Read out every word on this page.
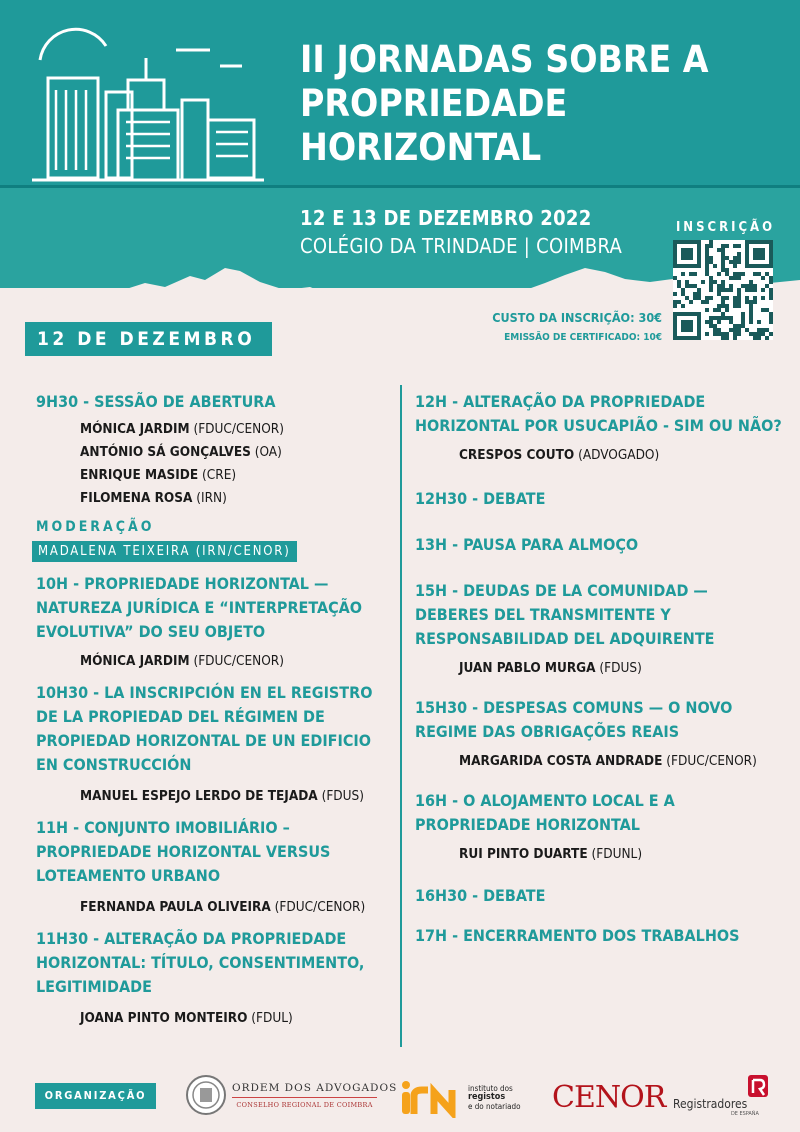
II JORNADAS SOBRE A
PROPRIEDADE
HORIZONTAL
12 E 13 DE DEZEMBRO 2022
COLÉGIO DA TRINDADE | COIMBRA
INSCRIÇÃO
CUSTO DA INSCRIÇÃO: 30€
EMISSÃO DE CERTIFICADO: 10€
12 DE DEZEMBRO
9H30 - SESSÃO DE ABERTURA
MÓNICA JARDIM (FDUC/CENOR)
ANTÓNIO SÁ GONÇALVES (OA)
ENRIQUE MASIDE (CRE)
FILOMENA ROSA (IRN)
MODERAÇÃO
MADALENA TEIXEIRA (IRN/CENOR)
10H - PROPRIEDADE HORIZONTAL —
NATUREZA JURÍDICA E “INTERPRETAÇÃO
EVOLUTIVA” DO SEU OBJETO
MÓNICA JARDIM (FDUC/CENOR)
10H30 - LA INSCRIPCIÓN EN EL REGISTRO
DE LA PROPIEDAD DEL RÉGIMEN DE
PROPIEDAD HORIZONTAL DE UN EDIFICIO
EN CONSTRUCCIÓN
MANUEL ESPEJO LERDO DE TEJADA (FDUS)
11H - CONJUNTO IMOBILIÁRIO –
PROPRIEDADE HORIZONTAL VERSUS
LOTEAMENTO URBANO
FERNANDA PAULA OLIVEIRA (FDUC/CENOR)
11H30 - ALTERAÇÃO DA PROPRIEDADE
HORIZONTAL: TÍTULO, CONSENTIMENTO,
LEGITIMIDADE
JOANA PINTO MONTEIRO (FDUL)
12H - ALTERAÇÃO DA PROPRIEDADE
HORIZONTAL POR USUCAPIÃO - SIM OU NÃO?
CRESPOS COUTO (ADVOGADO)
12H30 - DEBATE
13H - PAUSA PARA ALMOÇO
15H - DEUDAS DE LA COMUNIDAD —
DEBERES DEL TRANSMITENTE Y
RESPONSABILIDAD DEL ADQUIRENTE
JUAN PABLO MURGA (FDUS)
15H30 - DESPESAS COMUNS — O NOVO
REGIME DAS OBRIGAÇÕES REAIS
MARGARIDA COSTA ANDRADE (FDUC/CENOR)
16H - O ALOJAMENTO LOCAL E A
PROPRIEDADE HORIZONTAL
RUI PINTO DUARTE (FDUNL)
16H30 - DEBATE
17H - ENCERRAMENTO DOS TRABALHOS
ORGANIZAÇÃO
ORDEM DOS ADVOGADOS
CONSELHO REGIONAL DE COIMBRA
instituto dos
registos
e do notariado CENOR Registradores
DE ESPAÑA
